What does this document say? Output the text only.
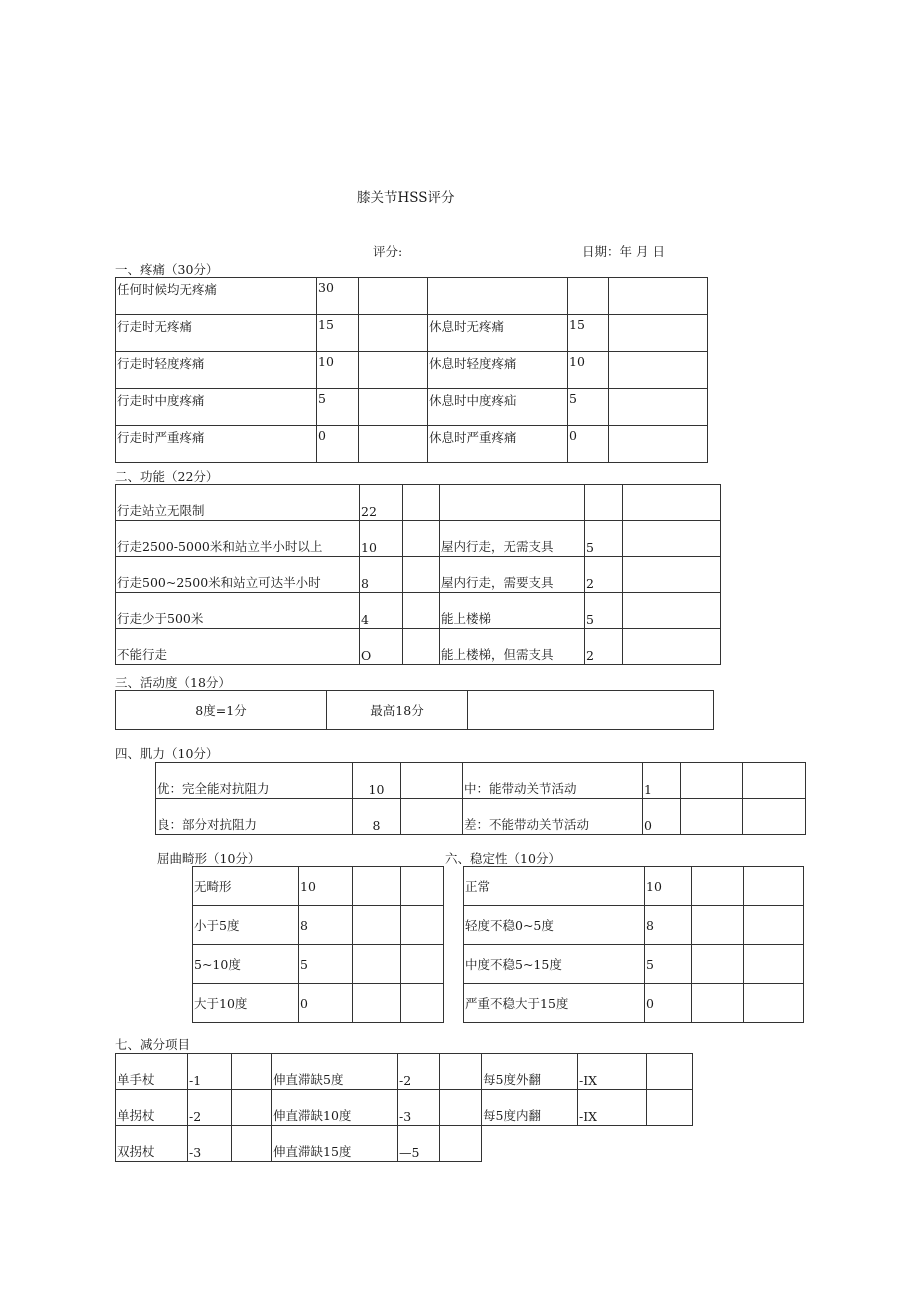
膝关节HSS评分
评分:	日期：年 月 日
一、疼痛（30分）
任何时候均无疼痛	30				
行走时无疼痛	15		休息时无疼痛	15	
行走时轻度疼痛	10		休息时轻度疼痛	10	
行走时中度疼痛	5		休息时中度疼疝	5	
行走时严重疼痛	0		休息时严重疼痛	0	
二、功能（22分）
行走站立无限制	22				
行走2500-5000米和站立半小时以上	10		屋内行走，无需支具	5	
行走500~2500米和站立可达半小时	8		屋内行走，需要支具	2	
行走少于500米	4		能上楼梯	5	
不能行走	O		能上楼梯，但需支具	2	
三、活动度（18分）
8度=1分	最高18分	
四、肌力（10分）
优：完全能对抗阻力	10		中：能带动关节活动	1		
良：部分对抗阻力	8		差：不能带动关节活动	0		
屈曲畸形（10分）
无畸形	10		
小于5度	8		
5~10度	5		
大于10度	0		
六、稳定性（10分）
正常	10		
轻度不稳0~5度	8		
中度不稳5~15度	5		
严重不稳大于15度	0		
七、减分项目
单手杖	-1		伸直滞缺5度	-2		每5度外翻	-IX	
单拐杖	-2		伸直滞缺10度	-3		每5度内翻	-IX	
双拐杖	-3		伸直滞缺15度	—5				
